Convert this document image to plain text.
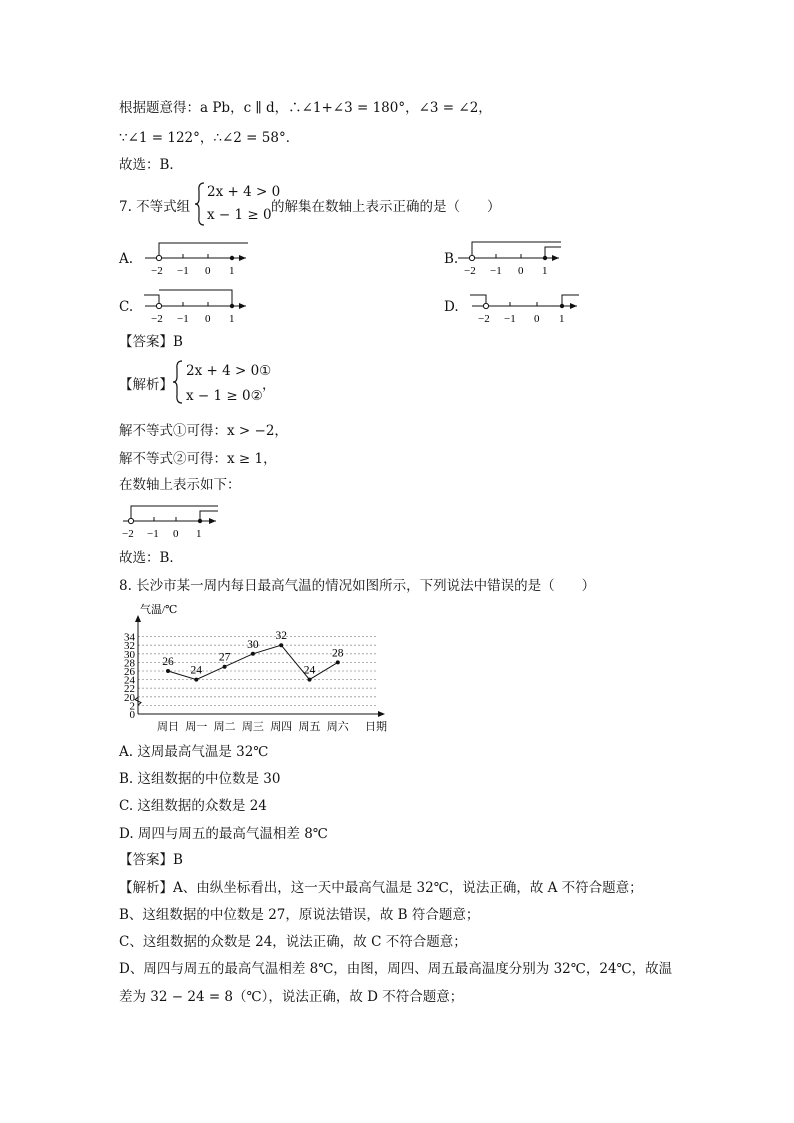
根据题意得：a Pb，c ∥ d，∴∠1+∠3 = 180°，∠3 = ∠2，
∵∠1 = 122°，∴∠2 = 58°．
故选：B．
7. 不等式组
2x + 4 > 0
x − 1 ≥ 0 的解集在数轴上表示正确的是（　　）
A.	B.
C.	D.
−2 −1 0 1	−2 −1 0 1
−2 −1 0 1	−2 −1 0 1
【答案】B
【解析】
2x + 4 > 0①
x − 1 ≥ 0②
，
解不等式①可得：x > −2，
解不等式②可得：x ≥ 1，
在数轴上表示如下：
−2 −1 0 1
故选：B．
8. 长沙市某一周内每日最高气温的情况如图所示，下列说法中错误的是（　　）
0
2
20
22
24
26
28
30
32
34
周日 周一 周二 周三 周四 周五 周六
26
24
27
30
32
24
28
气温/℃
日期
A. 这周最高气温是 32℃
B. 这组数据的中位数是 30
C. 这组数据的众数是 24
D. 周四与周五的最高气温相差 8℃
【答案】B
【解析】A、由纵坐标看出，这一天中最高气温是 32℃，说法正确，故 A 不符合题意；
B、这组数据的中位数是 27，原说法错误，故 B 符合题意；
C、这组数据的众数是 24，说法正确，故 C 不符合题意；
D、周四与周五的最高气温相差 8℃，由图，周四、周五最高温度分别为 32℃，24℃，故温
差为 32 − 24 = 8（℃），说法正确，故 D 不符合题意；
